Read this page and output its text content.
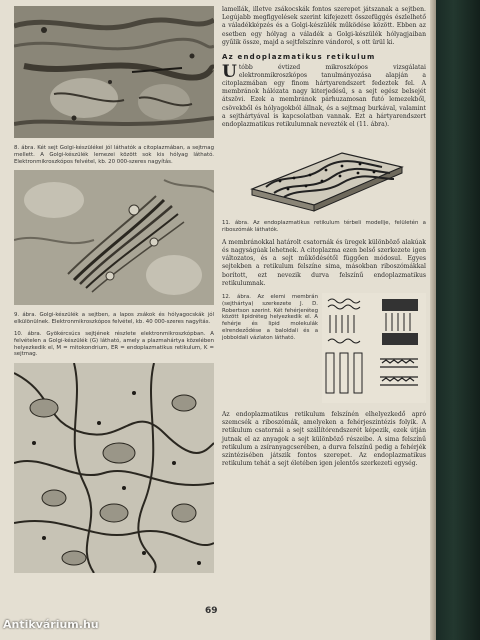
8. ábra. Két sejt Golgi-készülékei jól láthatók a citoplazmában, a sejtmag mellett. A Golgi-készülék lemezei között sok kis hólyag látható. Elektronmikroszkópos felvétel, kb. 20 000-szeres nagyítás.

9. ábra. Golgi-készülék a sejtben, a lapos zsákok és hólyagocskák jól elkülönülnek. Elektronmikroszkópos felvétel, kb. 40 000-szeres nagyítás.

10. ábra. Gyökércsúcs sejtjének részlete elektronmikroszkópban. A felvételen a Golgi-készülék (G) látható, amely a plazmahártya közelében helyezkedik el, M = mitokondrium, ER = endoplazmatikus retikulum, K = sejtmag.

lamellák, illetve zsákocskák fontos szerepet játszanak a sejtben. Legújabb megfigyelések szerint kifejezett összefüggés észlelhető a váladékképzés és a Golgi-készülék működése között. Ebben az esetben egy hólyag a váladék a Golgi-készülék hólyagjaiban gyűlik össze, majd a sejtfelszínre vándorol, s ott ürül ki.

Az endoplazmatikus retikulum

Utóbb évtized mikroszkópos vizsgálatai elektronmikroszkópos tanulmányozása alapján a citoplazmában egy finom hártyarendszert fedeztek fel. A membránok hálózata nagy kiterjedésű, s a sejt egész belsejét átszövi. Ezek a membránok párhuzamosan futó lemezekből, csövekből és hólyagokból állnak, és a sejtmag burkával, valamint a sejthártyával is kapcsolatban vannak. Ezt a hártyarendszert endoplazmatikus retikulumnak nevezték el (11. ábra).

11. ábra. Az endoplazmatikus retikulum térbeli modellje, felületén a riboszómák láthatók.

A membránokkal határolt csatornák és üregek különböző alakúak és nagyságúak lehetnek. A citoplazma ezen belső szerkezete igen változatos, és a sejt működésétől függően módosul. Egyes sejtekben a retikulum felszíne sima, másokban riboszómákkal borított, ezt nevezik durva felszínű endoplazmatikus retikulumnak.

12. ábra. Az elemi membrán (sejthártya) szerkezete J. D. Robertson szerint. Két fehérjeréteg között lipidréteg helyezkedik el. A fehérje és lipid molekulák elrendeződése a baloldali és a jobboldali vázlaton látható.

Az endoplazmatikus retikulum felszínén elhelyezkedő apró szemcsék a riboszómák, amelyeken a fehérjeszintézis folyik. A retikulum csatornái a sejt szállítórendszerét képezik, ezek útján jutnak el az anyagok a sejt különböző részeibe. A sima felszínű retikulum a zsíranyagcserében, a durva felszínű pedig a fehérjék szintézisében játszik fontos szerepet. Az endoplazmatikus retikulum tehát a sejt életében igen jelentős szerkezeti egység.

69
Antikvárium.hu
